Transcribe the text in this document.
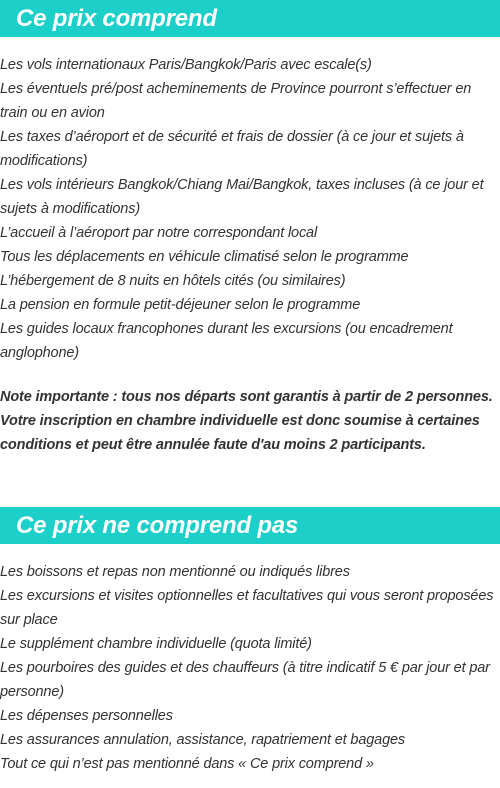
Ce prix comprend
Les vols internationaux Paris/Bangkok/Paris avec escale(s)
Les éventuels pré/post acheminements de Province pourront s’effectuer en train ou en avion
Les taxes d’aéroport et de sécurité et frais de dossier (à ce jour et sujets à modifications)
Les vols intérieurs Bangkok/Chiang Mai/Bangkok, taxes incluses (à ce jour et sujets à modifications)
L’accueil à l’aéroport par notre correspondant local
Tous les déplacements en véhicule climatisé selon le programme
L’hébergement de 8 nuits en hôtels cités (ou similaires)
La pension en formule petit-déjeuner selon le programme
Les guides locaux francophones durant les excursions (ou encadrement anglophone)

Note importante : tous nos départs sont garantis à partir de 2 personnes. Votre inscription en chambre individuelle est donc soumise à certaines conditions et peut être annulée faute d'au moins 2 participants.

Ce prix ne comprend pas
Les boissons et repas non mentionné ou indiqués libres
Les excursions et visites optionnelles et facultatives qui vous seront proposées sur place
Le supplément chambre individuelle (quota limité)
Les pourboires des guides et des chauffeurs (à titre indicatif 5 € par jour et par personne)
Les dépenses personnelles
Les assurances annulation, assistance, rapatriement et bagages
Tout ce qui n’est pas mentionné dans « Ce prix comprend »
